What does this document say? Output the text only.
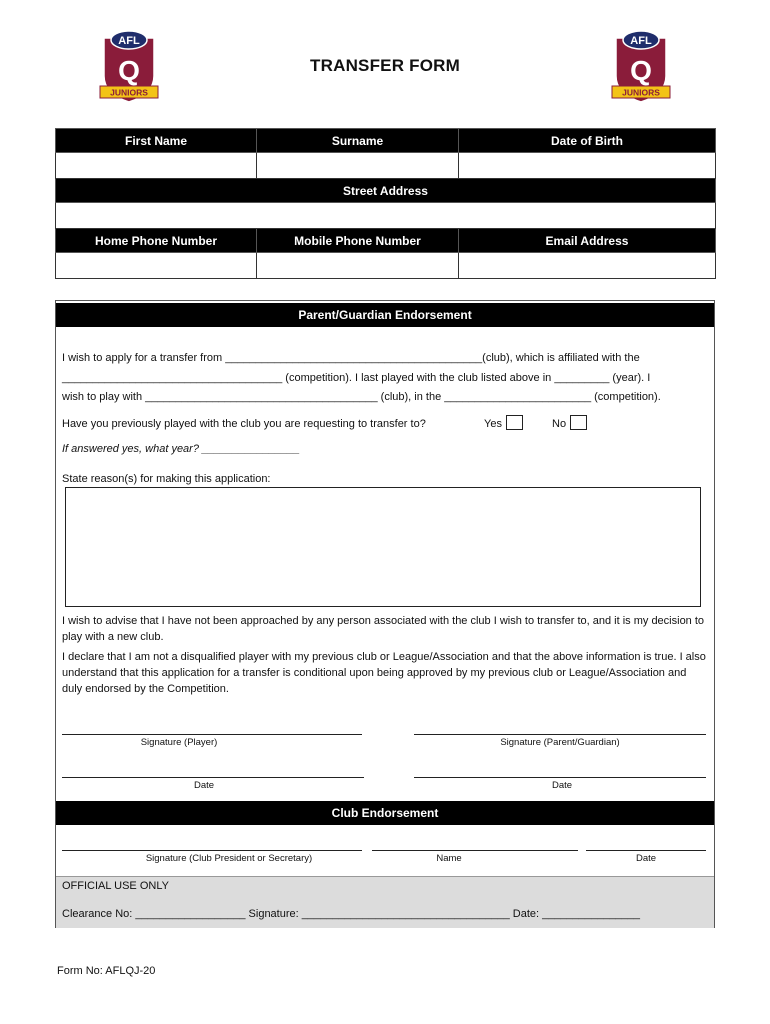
AFL
Q
JUNIORS
AFL
Q
JUNIORS
TRANSFER FORM
First Name	Surname	Date of Birth

Street Address		

Home Phone Number	Mobile Phone Number	Email Address

Parent/Guardian Endorsement
I wish to apply for a transfer from __________________________________________(club), which is affiliated with the
____________________________________ (competition). I last played with the club listed above in _________ (year). I
wish to play with ______________________________________ (club), in the ________________________ (competition).
Have you previously played with the club you are requesting to transfer to?	Yes	No
If answered yes, what year? ________________
State reason(s) for making this application:
I wish to advise that I have not been approached by any person associated with the club I wish to transfer to, and it is my decision to play with a new club.
I declare that I am not a disqualified player with my previous club or League/Association and that the above information is true. I also understand that this application for a transfer is conditional upon being approved by my previous club or League/Association and duly endorsed by the Competition.
Signature (Player)	Signature (Parent/Guardian)
Date	Date
Club Endorsement
Signature (Club President or Secretary)	Name	Date
OFFICIAL USE ONLY
Clearance No: __________________ Signature: __________________________________ Date: ________________
Form No: AFLQJ-20
